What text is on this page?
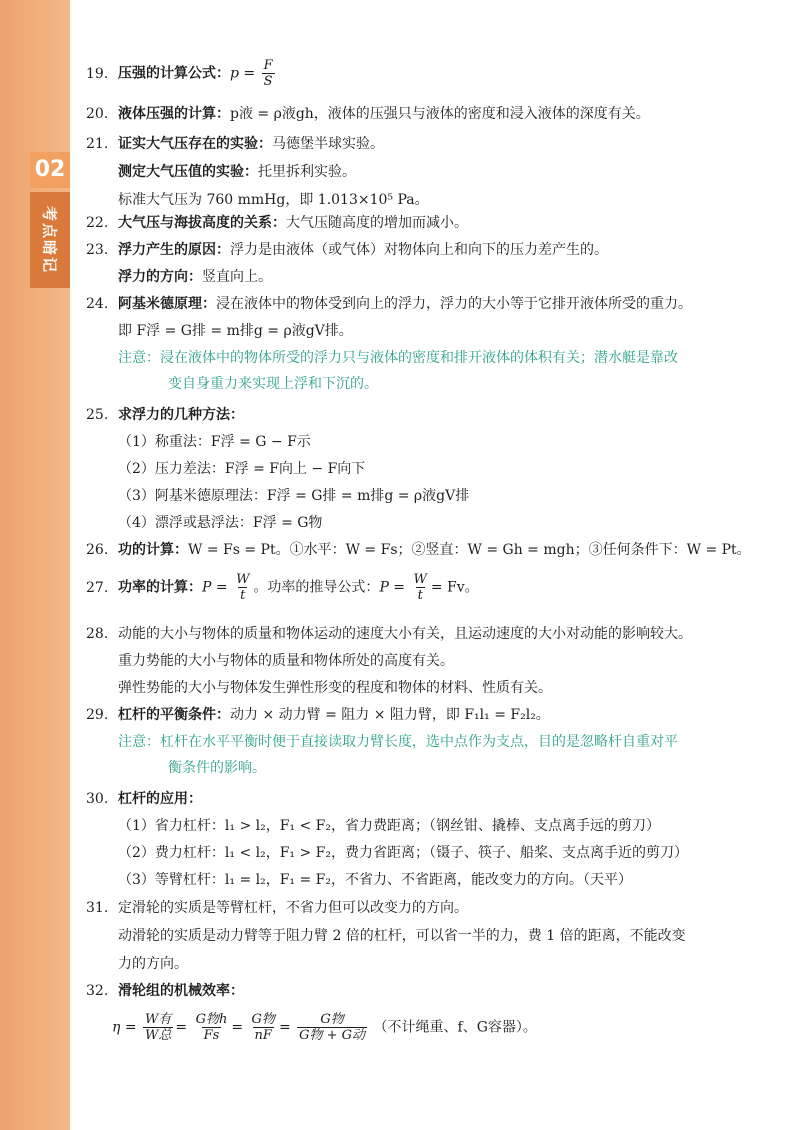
02
考点暗记
19. 压强的计算公式：$p = \frac{F}{S}$
20. 液体压强的计算：p液 = ρ液gh，液体的压强只与液体的密度和浸入液体的深度有关。
21. 证实大气压存在的实验：马德堡半球实验。
测定大气压值的实验：托里拆利实验。
标准大气压为 760 mmHg，即 1.013×10⁵ Pa。
22. 大气压与海拔高度的关系：大气压随高度的增加而减小。
23. 浮力产生的原因：浮力是由液体（或气体）对物体向上和向下的压力差产生的。
浮力的方向：竖直向上。
24. 阿基米德原理：浸在液体中的物体受到向上的浮力，浮力的大小等于它排开液体所受的重力。
即 F浮 = G排 = m排g = ρ液gV排。
注意：浸在液体中的物体所受的浮力只与液体的密度和排开液体的体积有关；潜水艇是靠改
变自身重力来实现上浮和下沉的。
25. 求浮力的几种方法：
（1）称重法：F浮 = G − F示
（2）压力差法：F浮 = F向上 − F向下
（3）阿基米德原理法：F浮 = G排 = m排g = ρ液gV排
（4）漂浮或悬浮法：F浮 = G物
26. 功的计算：W = Fs = Pt。①水平：W = Fs；②竖直：W = Gh = mgh；③任何条件下：W = Pt。
27. 功率的计算：$P = \frac{W}{t}$ 。功率的推导公式：$P = \frac{W}{t} = Fv$。
28. 动能的大小与物体的质量和物体运动的速度大小有关，且运动速度的大小对动能的影响较大。
重力势能的大小与物体的质量和物体所处的高度有关。
弹性势能的大小与物体发生弹性形变的程度和物体的材料、性质有关。
29. 杠杆的平衡条件：动力 × 动力臂 = 阻力 × 阻力臂，即 F₁l₁ = F₂l₂。
注意：杠杆在水平平衡时便于直接读取力臂长度，选中点作为支点，目的是忽略杆自重对平
衡条件的影响。
30. 杠杆的应用：
（1）省力杠杆：l₁ > l₂，F₁ < F₂，省力费距离；（钢丝钳、撬棒、支点离手远的剪刀）
（2）费力杠杆：l₁ < l₂，F₁ > F₂，费力省距离；（镊子、筷子、船桨、支点离手近的剪刀）
（3）等臂杠杆：l₁ = l₂，F₁ = F₂，不省力、不省距离，能改变力的方向。（天平）
31. 定滑轮的实质是等臂杠杆，不省力但可以改变力的方向。
动滑轮的实质是动力臂等于阻力臂 2 倍的杠杆，可以省一半的力，费 1 倍的距离，不能改变
力的方向。
32. 滑轮组的机械效率：
$\eta = \frac{\text{W有}}{\text{W总}} = \frac{\text{G物h}}{Fs} = \frac{\text{G物}}{nF} = \frac{\text{G物}}{\text{G物 + G动}}$ （不计绳重、f、G容器）。
